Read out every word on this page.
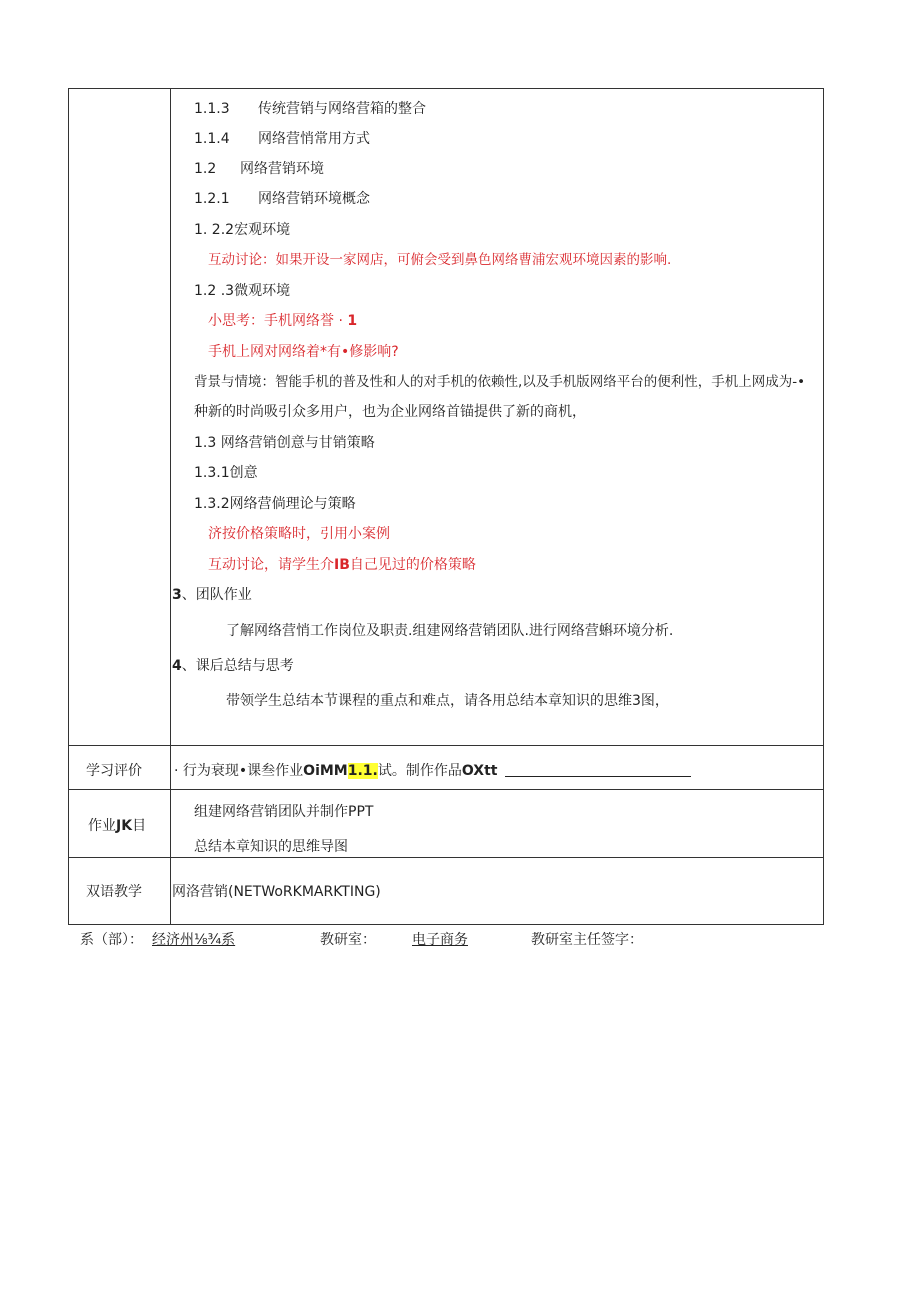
1.1.3 传统营销与网络营箱的整合
1.1.4 网络营悄常用方式
1.2 网络营销环境
1.2.1 网络营销环境概念
1. 2.2宏观环境
互动讨论：如果开设一家网店，可俯会受到鼻色网络曹浦宏观环境因素的影响.
1.2 .3微观环境
小思考：手机网络誉 · 1
手机上网对网络着*有•修影响?
背景与情境：智能手机的普及性和人的对手机的依赖性,以及手机版网络平台的便利性，手机上网成为-•
种新的时尚吸引众多用户，也为企业网络首锚提供了新的商机，
1.3 网络营销创意与甘销策略
1.3.1创意
1.3.2网络营倘理论与策略
济按价格策略时，引用小案例
互动讨论，请学生介IB自己见过的价格策略
3、团队作业
了解网络营悄工作岗位及职责.组建网络营销团队.进行网络营蝌环境分析.
4、课后总结与思考
带领学生总结本节课程的重点和难点，请各用总结本章知识的思维3图，
学习评价 · 行为衰现•课叁作业OiMM1.1.试。制作作品OXtt
作业JK目
组建网络营销团队并制作PPT
总结本章知识的思维导图
双语教学 网洛营销(NETWoRKMARKTING)
系（部）： 经济州⅛¾系	教研室：	电子商务	教研室主任签字：
